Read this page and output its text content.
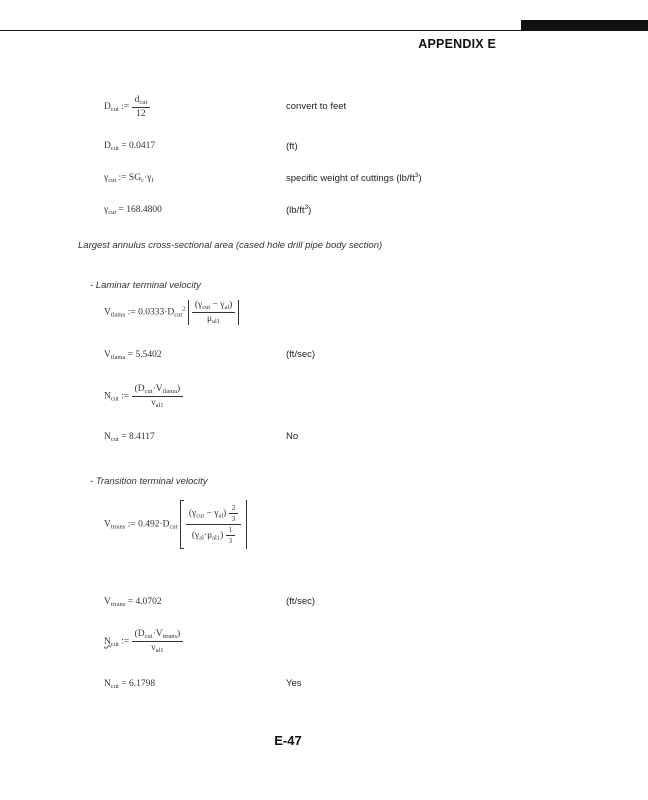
APPENDIX E
$D_{cut}$ := $\frac{d_{cut}}{12}$	convert to feet
$D_{cut} = 0.0417$	(ft)
$\gamma_{cut}$ := $SG_c\cdot\gamma_f$	specific weight of cuttings $(lb/ft^3)$
$\gamma_{cut} = 168.4800$	$(lb/ft^3)$
Largest annulus cross-sectional area (cased hole drill pipe body section)
- Laminar terminal velocity
$V_{tlama}$ := $0.0333\cdot D_{cut}^2 \frac{(\gamma_{cut} - \gamma_{al})}{\mu_{al1}}$
$V_{tlama} = 5.5402$	(ft/sec)
$N_{cut}$ := $\frac{(D_{cut}\cdot V_{tlama})}{\nu_{al1}}$
$N_{cut} = 8.4117$	No
- Transition terminal velocity
$V_{ttrans}$ := $0.492\cdot D_{cut} \frac{(\gamma_{cut} - \gamma_{al}) \frac{2}{3}}{(\gamma_{al}\cdot\mu_{al1}) \frac{1}{3}}$
$V_{ttrans} = 4.0702$	(ft/sec)
$N_{cut}$ := $\frac{(D_{cut}\cdot V_{ttrans})}{\nu_{al1}}$
$N_{cut} = 6.1798$	Yes
E-47
